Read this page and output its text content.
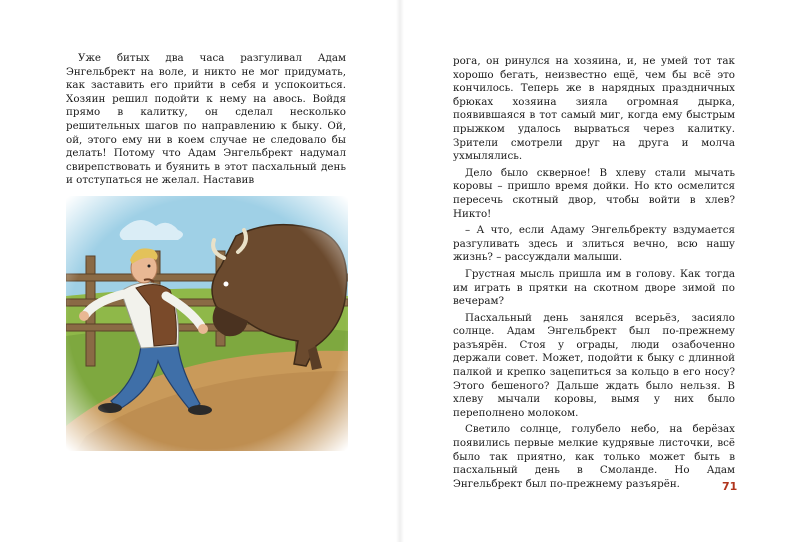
Уже битых два часа разгуливал Адам Энгельбрект на воле, и никто не мог придумать, как заставить его прийти в себя и успокоиться. Хозяин решил подойти к нему на авось. Войдя прямо в калитку, он сделал несколько решительных шагов по направлению к быку. Ой, ой, этого ему ни в коем случае не следовало бы делать! Потому что Адам Энгельбрект надумал свирепствовать и буянить в этот пасхальный день и отступаться не желал. Наставив

рога, он ринулся на хозяина, и, не умей тот так хорошо бегать, неизвестно ещё, чем бы всё это кончилось. Теперь же в нарядных праздничных брюках хозяина зияла огромная дырка, появившаяся в тот самый миг, когда ему быстрым прыжком удалось вырваться через калитку. Зрители смотрели друг на друга и молча ухмылялись.

Дело было скверное! В хлеву стали мычать коровы – пришло время дойки. Но кто осмелится пересечь скотный двор, чтобы войти в хлев? Никто!

– А что, если Адаму Энгельбректу вздумается разгуливать здесь и злиться вечно, всю нашу жизнь? – рассуждали малыши.

Грустная мысль пришла им в голову. Как тогда им играть в прятки на скотном дворе зимой по вечерам?

Пасхальный день занялся всерьёз, засияло солнце. Адам Энгельбрект был по-прежнему разъярён. Стоя у ограды, люди озабоченно держали совет. Может, подойти к быку с длинной палкой и крепко зацепиться за кольцо в его носу? Этого бешеного? Дальше ждать было нельзя. В хлеву мычали коровы, вымя у них было переполнено молоком.

Светило солнце, голубело небо, на берёзах появились первые мелкие кудрявые листочки, всё было так приятно, как только может быть в пасхальный день в Смоланде. Но Адам Энгельбрект был по-прежнему разъярён.	71
